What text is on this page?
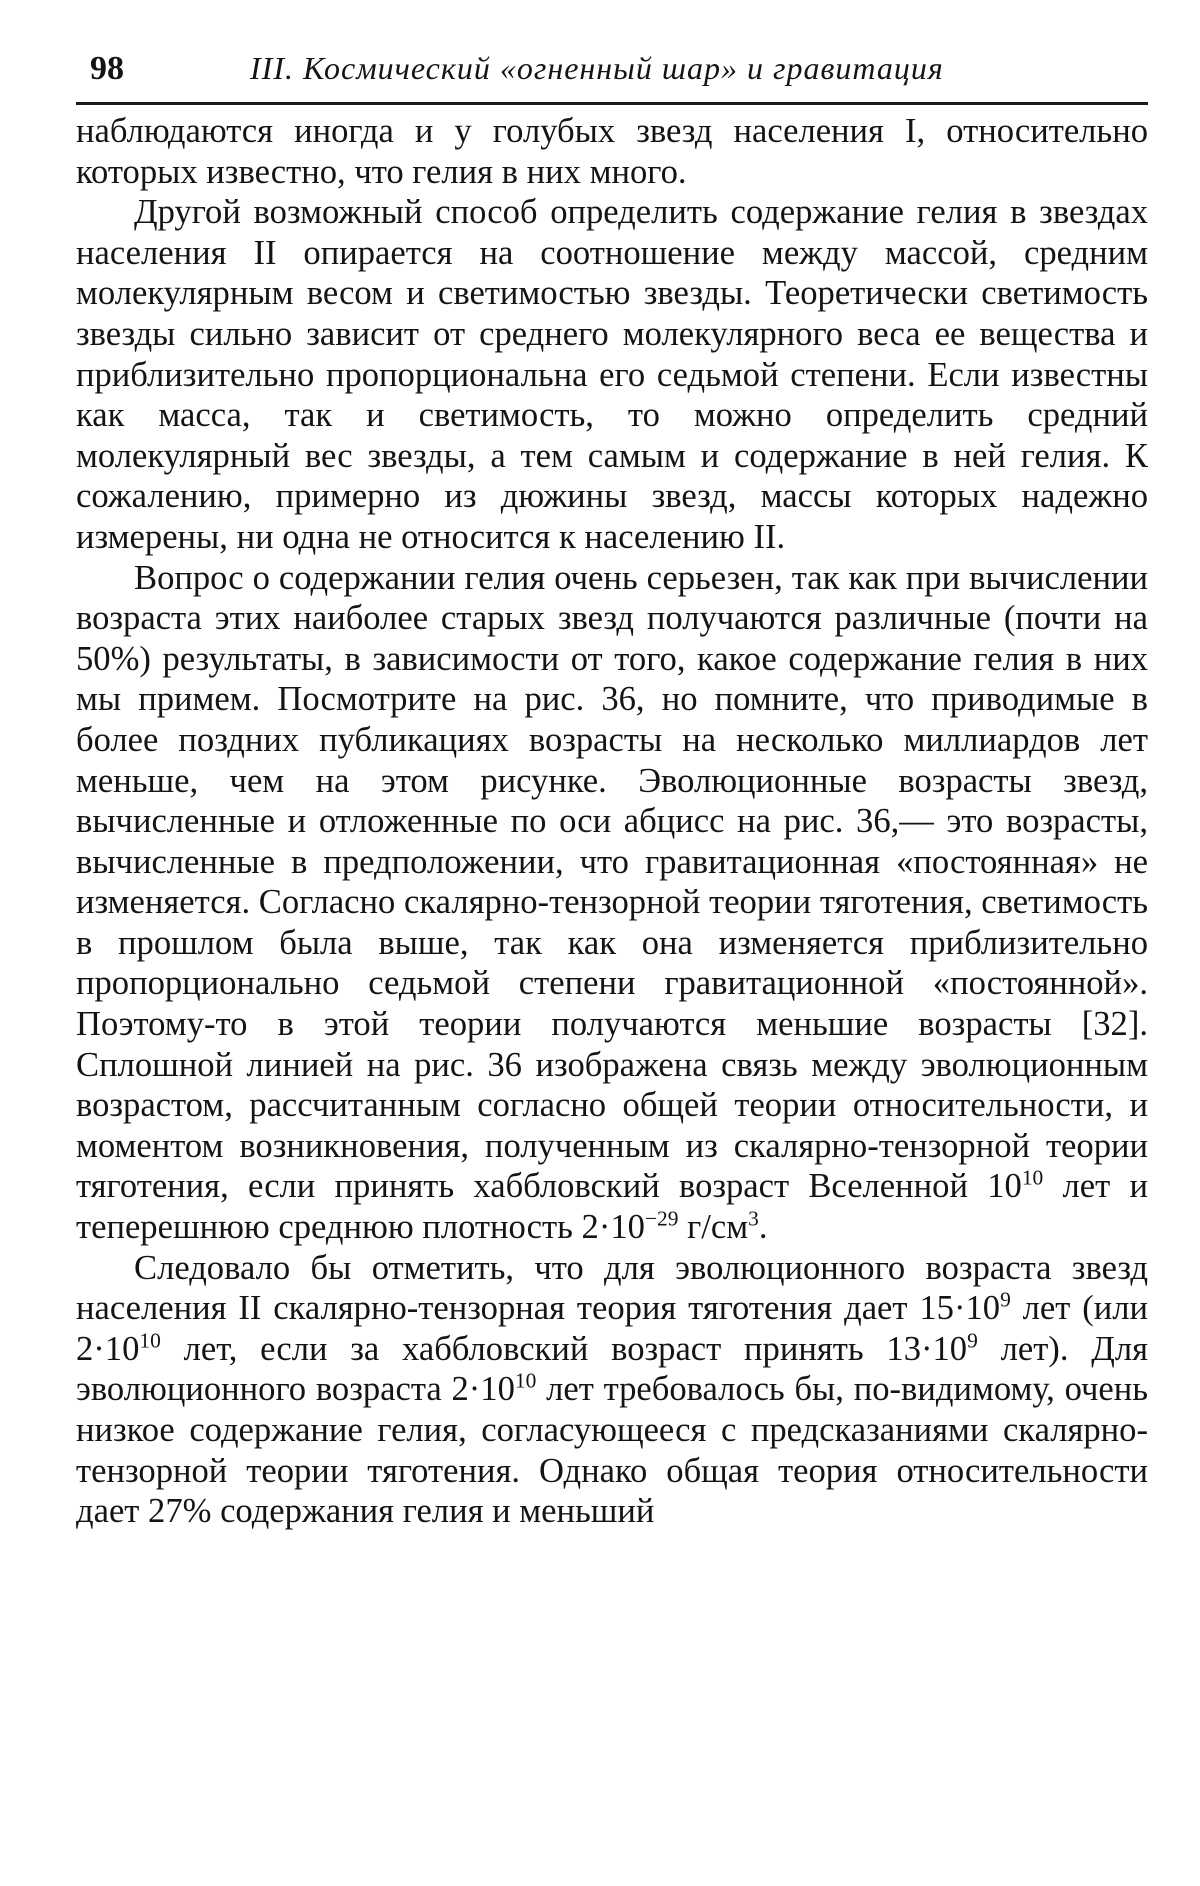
98	III. Космический «огненный шар» и гравитация

наблюдаются иногда и у голубых звезд населения I, относительно которых известно, что гелия в них много.

Другой возможный способ определить содержание гелия в звездах населения II опирается на соотношение между массой, средним молекулярным весом и светимостью звезды. Теоретически светимость звезды сильно зависит от среднего молекулярного веса ее вещества и приблизительно пропорциональна его седьмой степени. Если известны как масса, так и светимость, то можно определить средний молекулярный вес звезды, а тем самым и содержание в ней гелия. К сожалению, примерно из дюжины звезд, массы которых надежно измерены, ни одна не относится к населению II.

Вопрос о содержании гелия очень серьезен, так как при вычислении возраста этих наиболее старых звезд получаются различные (почти на 50%) результаты, в зависимости от того, какое содержание гелия в них мы примем. Посмотрите на рис. 36, но помните, что приводимые в более поздних публикациях возрасты на несколько миллиардов лет меньше, чем на этом рисунке. Эволюционные возрасты звезд, вычисленные и отложенные по оси абцисс на рис. 36,— это возрасты, вычисленные в предположении, что гравитационная «постоянная» не изменяется. Согласно скалярно-тензорной теории тяготения, светимость в прошлом была выше, так как она изменяется приблизительно пропорционально седьмой степени гравитационной «постоянной». Поэтому-то в этой теории получаются меньшие возрасты [32]. Сплошной линией на рис. 36 изображена связь между эволюционным возрастом, рассчитанным согласно общей теории относительности, и моментом возникновения, полученным из скалярно-тензорной теории тяготения, если принять хаббловский возраст Вселенной $10^{10}$ лет и теперешнюю среднюю плотность $2\cdot 10^{-29}$ $г/см^3$.

Следовало бы отметить, что для эволюционного возраста звезд населения II скалярно-тензорная теория тяготения дает $15\cdot 10^9$ лет (или $2\cdot 10^{10}$ лет, если за хаббловский возраст принять $13\cdot 10^9$ лет). Для эволюционного возраста $2\cdot 10^{10}$ лет требовалось бы, по-видимому, очень низкое содержание гелия, согласующееся с предсказаниями скалярно-тензорной теории тяготения. Однако общая теория относительности дает 27% содержания гелия и меньший
